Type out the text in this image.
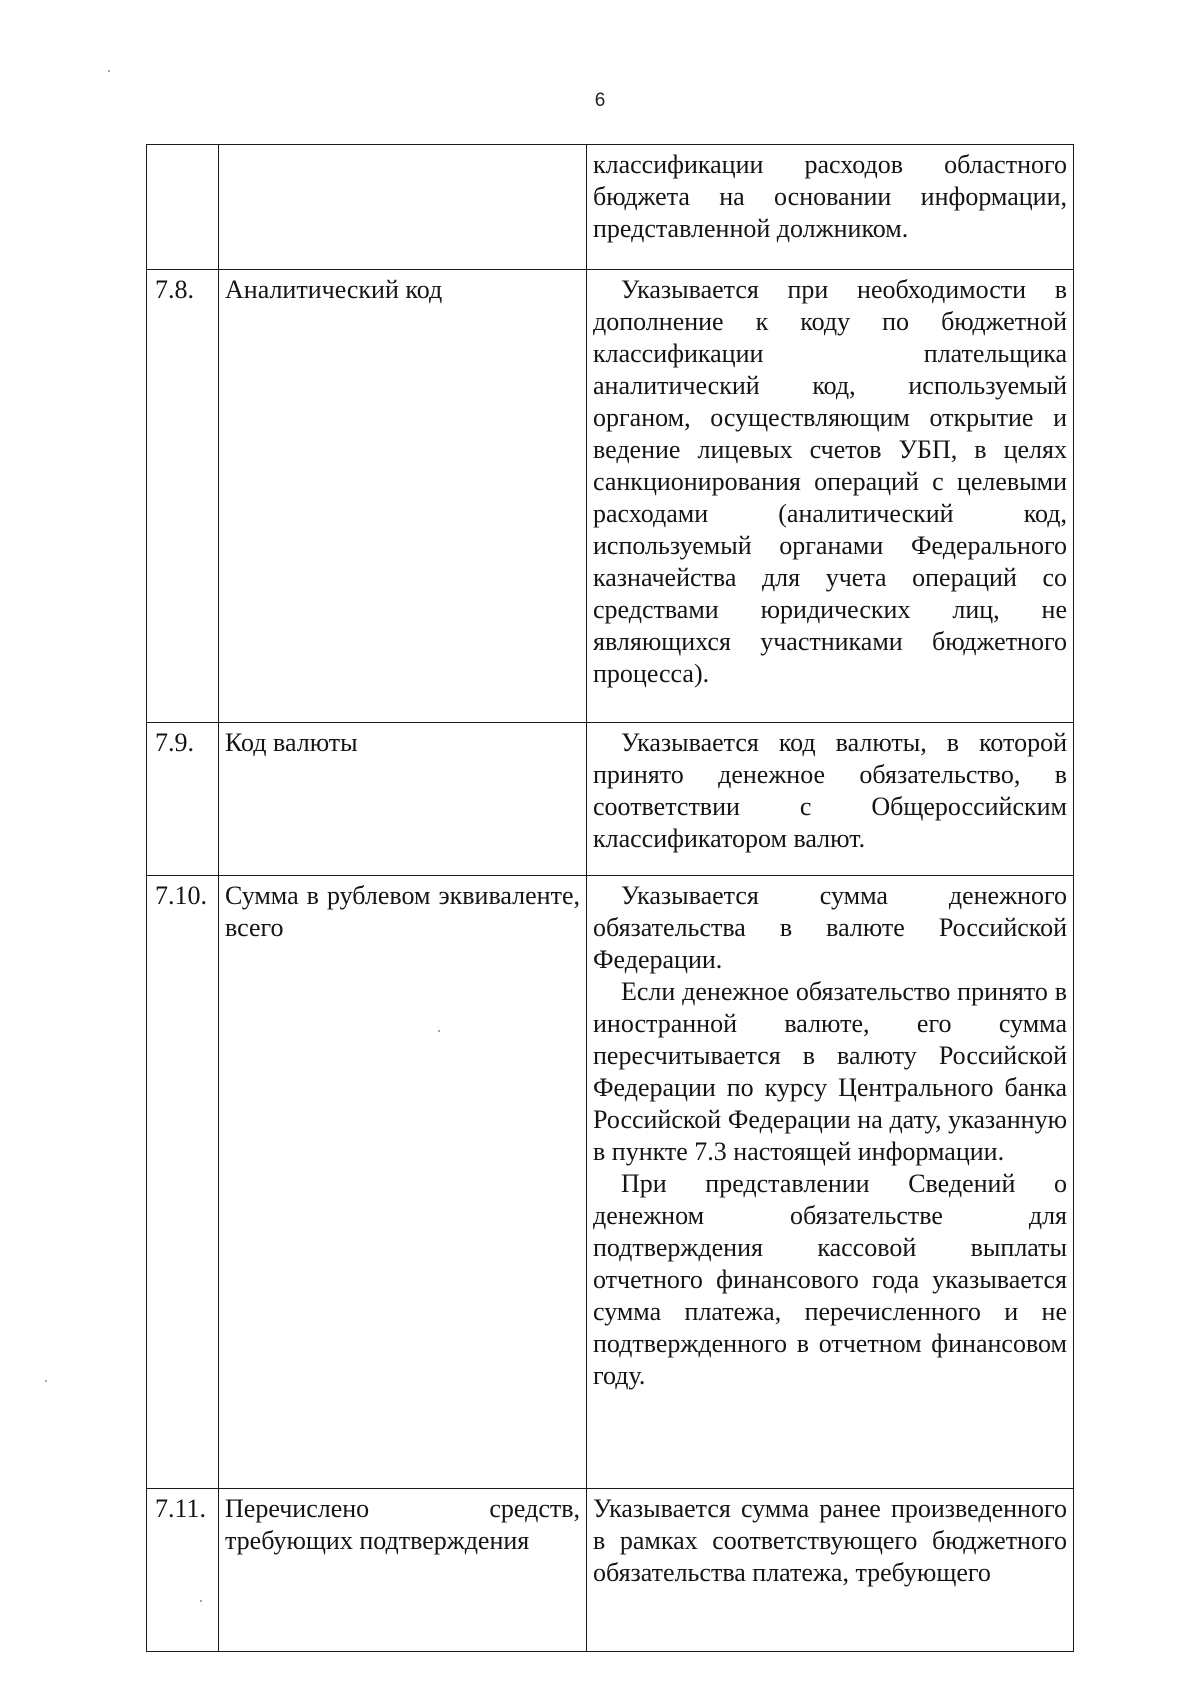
6

		классификации расходов областного бюджета на основании информации, представленной должником.

7.8.	Аналитический код	Указывается при необходимости в дополнение к коду по бюджетной классификации плательщика аналитический код, используемый органом, осуществляющим открытие и ведение лицевых счетов УБП, в целях санкционирования операций с целевыми расходами (аналитический код, используемый органами Федерального казначейства для учета операций со средствами юридических лиц, не являющихся участниками бюджетного процесса).

7.9.	Код валюты	Указывается код валюты, в которой принято денежное обязательство, в соответствии с Общероссийским классификатором валют.

7.10.	Сумма в рублевом эквиваленте, всего	Указывается сумма денежного обязательства в валюте Российской Федерации.

Если денежное обязательство принято в иностранной валюте, его сумма пересчитывается в валюту Российской Федерации по курсу Центрального банка Российской Федерации на дату, указанную в пункте 7.3 настоящей информации.

При представлении Сведений о денежном обязательстве для подтверждения кассовой выплаты отчетного финансового года указывается сумма платежа, перечисленного и не подтвержденного в отчетном финансовом году.

7.11.	Перечислено средств, требующих подтверждения	Указывается сумма ранее произведенного в рамках соответствующего бюджетного обязательства платежа, требующего
